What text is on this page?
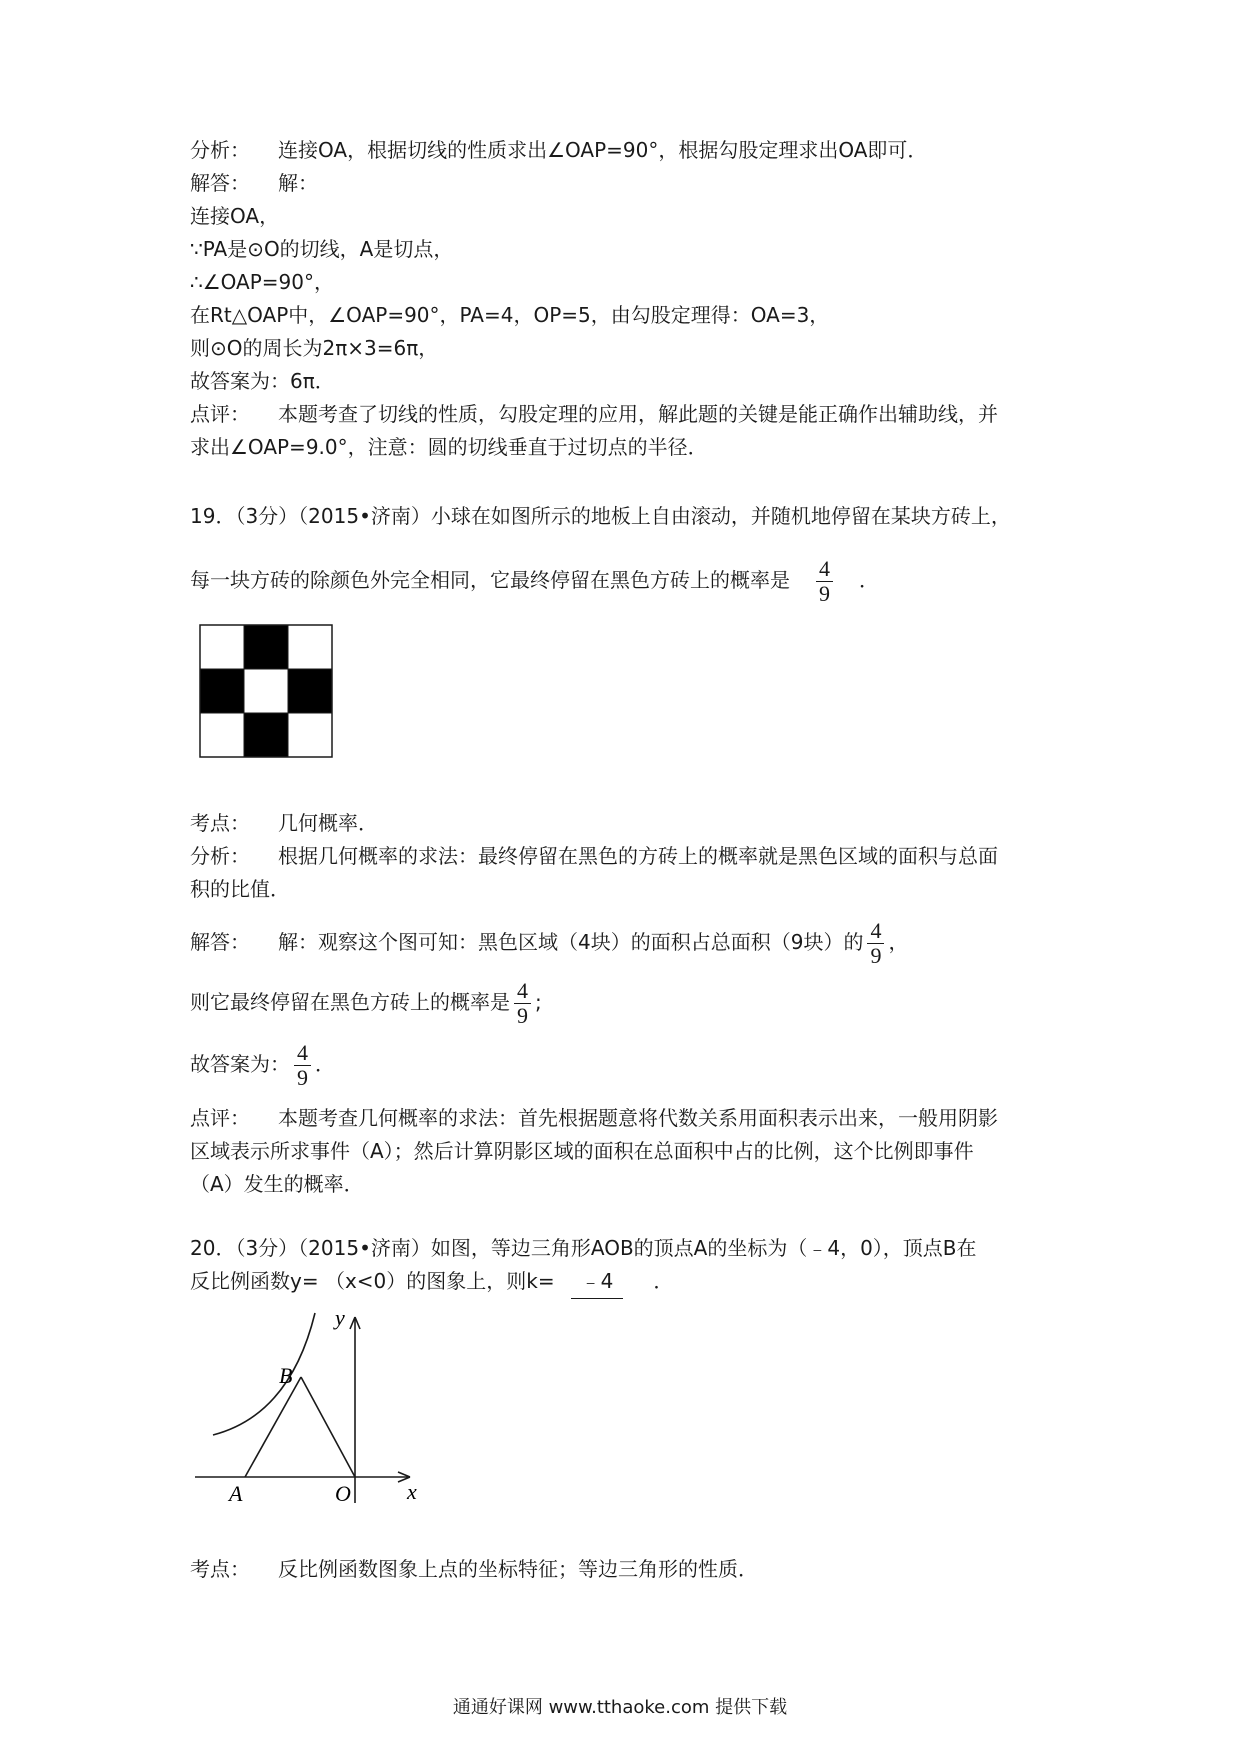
分析： 连接OA，根据切线的性质求出∠OAP=90°，根据勾股定理求出OA即可．
解答： 解：
连接OA，
∵PA是⊙O的切线，A是切点，
∴∠OAP=90°，
在Rt△OAP中，∠OAP=90°，PA=4，OP=5，由勾股定理得：OA=3，
则⊙O的周长为2π×3=6π，
故答案为：6π．
点评： 本题考查了切线的性质，勾股定理的应用，解此题的关键是能正确作出辅助线，并
求出∠OAP=9.0°，注意：圆的切线垂直于过切点的半径．
19．（3分）（2015•济南）小球在如图所示的地板上自由滚动，并随机地停留在某块方砖上，
每一块方砖的除颜色外完全相同，它最终停留在黑色方砖上的概率是 $\frac{4}{9}$ ．
考点： 几何概率．
分析： 根据几何概率的求法：最终停留在黑色的方砖上的概率就是黑色区域的面积与总面
积的比值．
解答： 解：观察这个图可知：黑色区域（4块）的面积占总面积（9块）的 $\frac{4}{9}$ ，
则它最终停留在黑色方砖上的概率是 $\frac{4}{9}$ ;
故答案为： $\frac{4}{9}$ ．
点评： 本题考查几何概率的求法：首先根据题意将代数关系用面积表示出来，一般用阴影
区域表示所求事件（A）；然后计算阴影区域的面积在总面积中占的比例，这个比例即事件
（A）发生的概率．
20．（3分）（2015•济南）如图，等边三角形AOB的顶点A的坐标为（﹣4，0），顶点B在
反比例函数y= （x<0）的图象上，则k= ﹣4 ．
y
x
B
A	O
考点： 反比例函数图象上点的坐标特征；等边三角形的性质．
通通好课网 www.tthaoke.com 提供下载
